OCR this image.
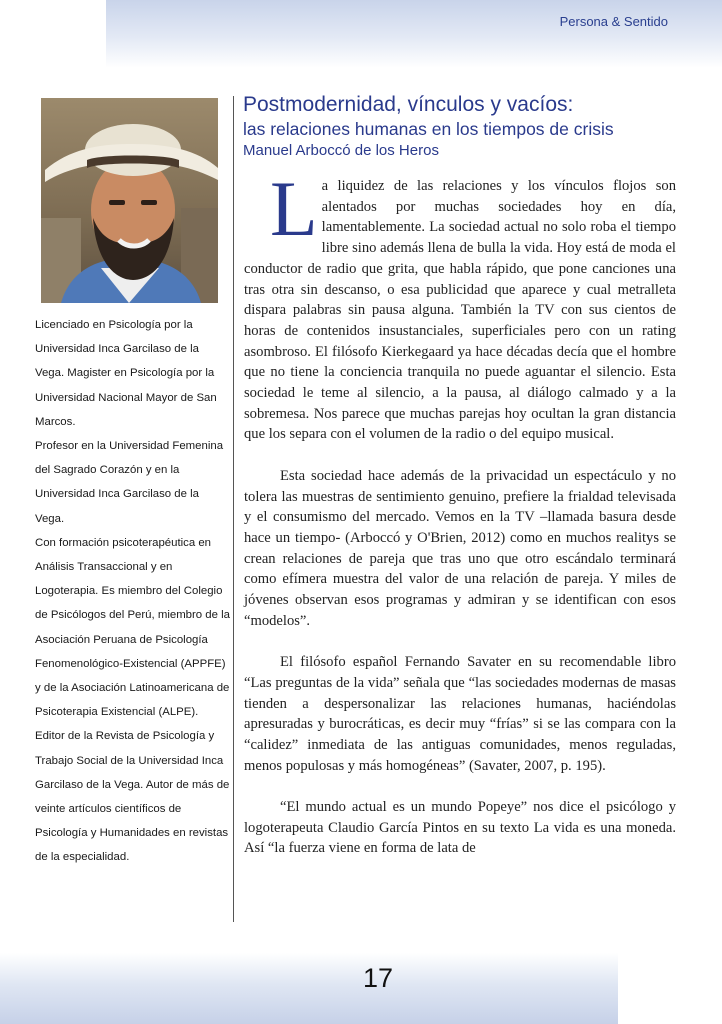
Persona & Sentido

Licenciado en Psicología por la Universidad Inca Garcilaso de la Vega. Magister en Psicología por la Universidad Nacional Mayor de San Marcos.

Profesor en la Universidad Femenina del Sagrado Corazón y en la Universidad Inca Garcilaso de la Vega.

Con formación psicoterapéutica en Análisis Transaccional y en Logoterapia. Es miembro del Colegio de Psicólogos del Perú, miembro de la Asociación Peruana de Psicología Fenomenológico-Existencial (APPFE) y de la Asociación Latinoamericana de Psicoterapia Existencial (ALPE).

Editor de la Revista de Psicología y Trabajo Social de la Universidad Inca Garcilaso de la Vega. Autor de más de veinte artículos científicos de Psicología y Humanidades en revistas de la especialidad.

Postmodernidad, vínculos y vacíos:
las relaciones humanas en los tiempos de crisis
Manuel Arboccó de los Heros

La liquidez de las relaciones y los vínculos flojos son alentados por muchas sociedades hoy en día, lamentablemente. La sociedad actual no solo roba el tiempo libre sino además llena de bulla la vida. Hoy está de moda el conductor de radio que grita, que habla rápido, que pone canciones una tras otra sin descanso, o esa publicidad que aparece y cual metralleta dispara palabras sin pausa alguna. También la TV con sus cientos de horas de contenidos insustanciales, superficiales pero con un rating asombroso. El filósofo Kierkegaard ya hace décadas decía que el hombre que no tiene la conciencia tranquila no puede aguantar el silencio. Esta sociedad le teme al silencio, a la pausa, al diálogo calmado y a la sobremesa. Nos parece que muchas parejas hoy ocultan la gran distancia que los separa con el volumen de la radio o del equipo musical.

Esta sociedad hace además de la privacidad un espectáculo y no tolera las muestras de sentimiento genuino, prefiere la frialdad televisada y el consumismo del mercado. Vemos en la TV –llamada basura desde hace un tiempo- (Arboccó y O'Brien, 2012) como en muchos realitys se crean relaciones de pareja que tras uno que otro escándalo terminará como efímera muestra del valor de una relación de pareja. Y miles de jóvenes observan esos programas y admiran y se identifican con esos “modelos”.

El filósofo español Fernando Savater en su recomendable libro “Las preguntas de la vida” señala que “las sociedades modernas de masas tienden a despersonalizar las relaciones humanas, haciéndolas apresuradas y burocráticas, es decir muy “frías” si se las compara con la “calidez” inmediata de las antiguas comunidades, menos reguladas, menos populosas y más homogéneas” (Savater, 2007, p. 195).

“El mundo actual es un mundo Popeye” nos dice el psicólogo y logoterapeuta Claudio García Pintos en su texto La vida es una moneda. Así “la fuerza viene en forma de lata de

17
